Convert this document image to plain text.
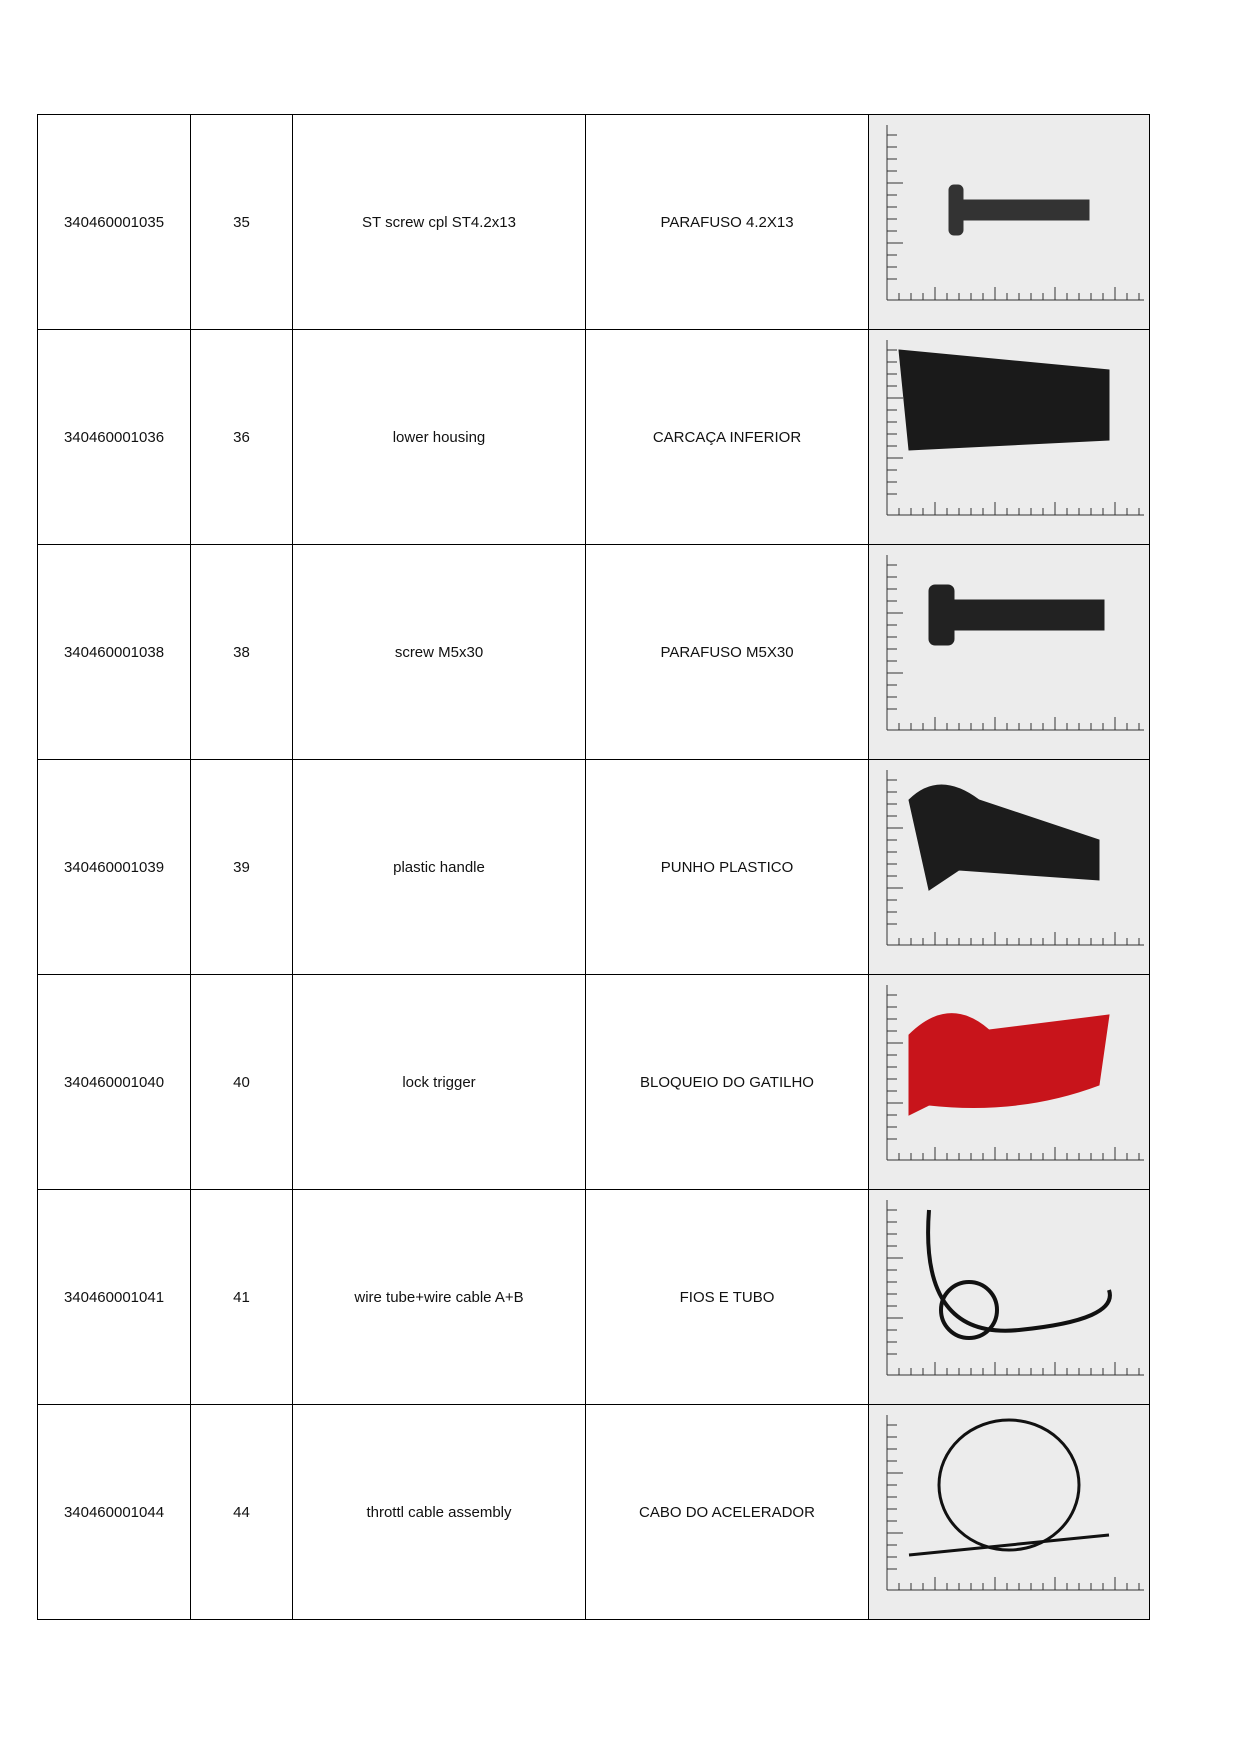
340460001035	35	ST screw cpl ST4.2x13	PARAFUSO 4.2X13	

340460001036	36	lower housing	CARCAÇA INFERIOR	

340460001038	38	screw M5x30	PARAFUSO M5X30	

340460001039	39	plastic handle	PUNHO PLASTICO	

340460001040	40	lock trigger	BLOQUEIO DO GATILHO	

340460001041	41	wire tube+wire cable A+B	FIOS E TUBO	

340460001044	44	throttl cable assembly	CABO DO ACELERADOR	
